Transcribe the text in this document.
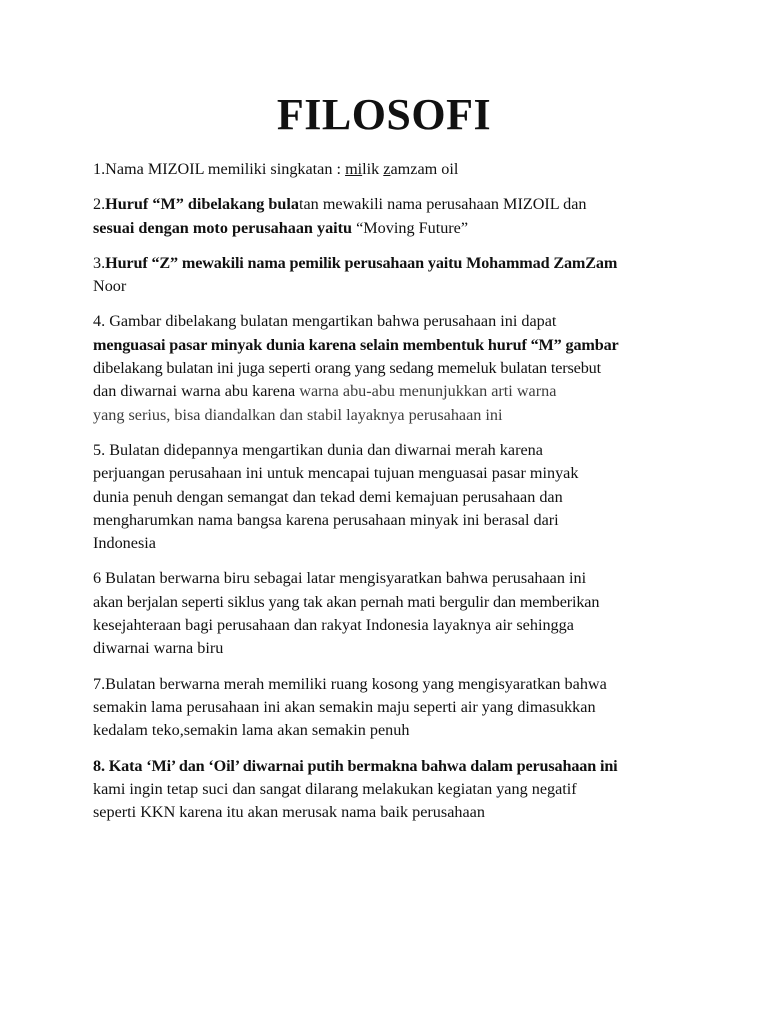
FILOSOFI

1.Nama MIZOIL memiliki singkatan : milik zamzam oil

2.Huruf “M” dibelakang bulatan mewakili nama perusahaan MIZOIL dan
sesuai dengan moto perusahaan yaitu “Moving Future”

3.Huruf “Z” mewakili nama pemilik perusahaan yaitu Mohammad ZamZam
Noor

4. Gambar dibelakang bulatan mengartikan bahwa perusahaan ini dapat
menguasai pasar minyak dunia karena selain membentuk huruf “M” gambar
dibelakang bulatan ini juga seperti orang yang sedang memeluk bulatan tersebut
dan diwarnai warna abu karena warna abu-abu menunjukkan arti warna
yang serius, bisa diandalkan dan stabil layaknya perusahaan ini

5. Bulatan didepannya mengartikan dunia dan diwarnai merah karena
perjuangan perusahaan ini untuk mencapai tujuan menguasai pasar minyak
dunia penuh dengan semangat dan tekad demi kemajuan perusahaan dan
mengharumkan nama bangsa karena perusahaan minyak ini berasal dari
Indonesia

6 Bulatan berwarna biru sebagai latar mengisyaratkan bahwa perusahaan ini
akan berjalan seperti siklus yang tak akan pernah mati bergulir dan memberikan
kesejahteraan bagi perusahaan dan rakyat Indonesia layaknya air sehingga
diwarnai warna biru

7.Bulatan berwarna merah memiliki ruang kosong yang mengisyaratkan bahwa
semakin lama perusahaan ini akan semakin maju seperti air yang dimasukkan
kedalam teko,semakin lama akan semakin penuh

8. Kata ‘Mi’ dan ‘Oil’ diwarnai putih bermakna bahwa dalam perusahaan ini
kami ingin tetap suci dan sangat dilarang melakukan kegiatan yang negatif
seperti KKN karena itu akan merusak nama baik perusahaan
